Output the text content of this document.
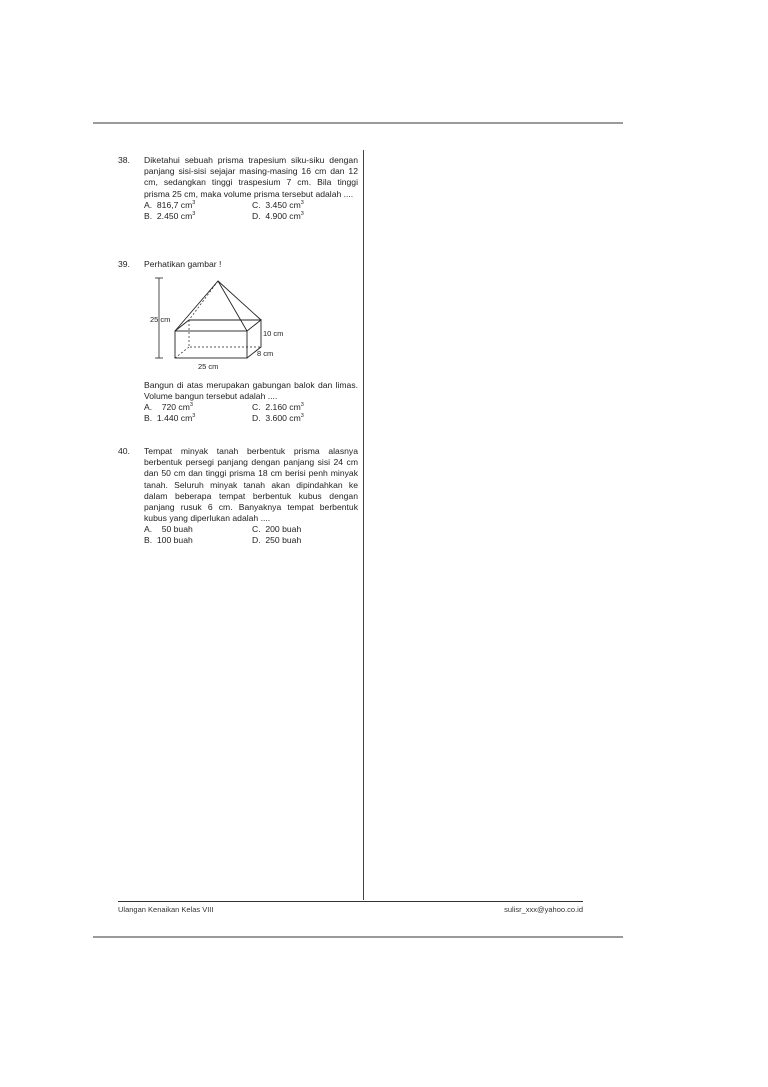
38. Diketahui sebuah prisma trapesium siku-siku dengan panjang sisi-sisi sejajar masing-masing 16 cm dan 12 cm, sedangkan tinggi traspesium 7 cm. Bila tinggi prisma 25 cm, maka volume prisma tersebut adalah ....
A. 816,7 $cm^3$	C. 3.450 $cm^3$
B. 2.450 $cm^3$	D. 4.900 $cm^3$
39. Perhatikan gambar !
25 cm
10 cm
8 cm
25 cm
Bangun di atas merupakan gabungan balok dan limas. Volume bangun tersebut adalah ....
A. 720 $cm^3$	C. 2.160 $cm^3$
B. 1.440 $cm^3$	D. 3.600 $cm^3$
40. Tempat minyak tanah berbentuk prisma alasnya berbentuk persegi panjang dengan panjang sisi 24 cm dan 50 cm dan tinggi prisma 18 cm berisi penh minyak tanah. Seluruh minyak tanah akan dipindahkan ke dalam beberapa tempat berbentuk kubus dengan panjang rusuk 6 cm. Banyaknya tempat berbentuk kubus yang diperlukan adalah ....
A. 50 buah	C. 200 buah
B. 100 buah	D. 250 buah
Ulangan Kenaikan Kelas VIII	sulisr_xxx@yahoo.co.id
